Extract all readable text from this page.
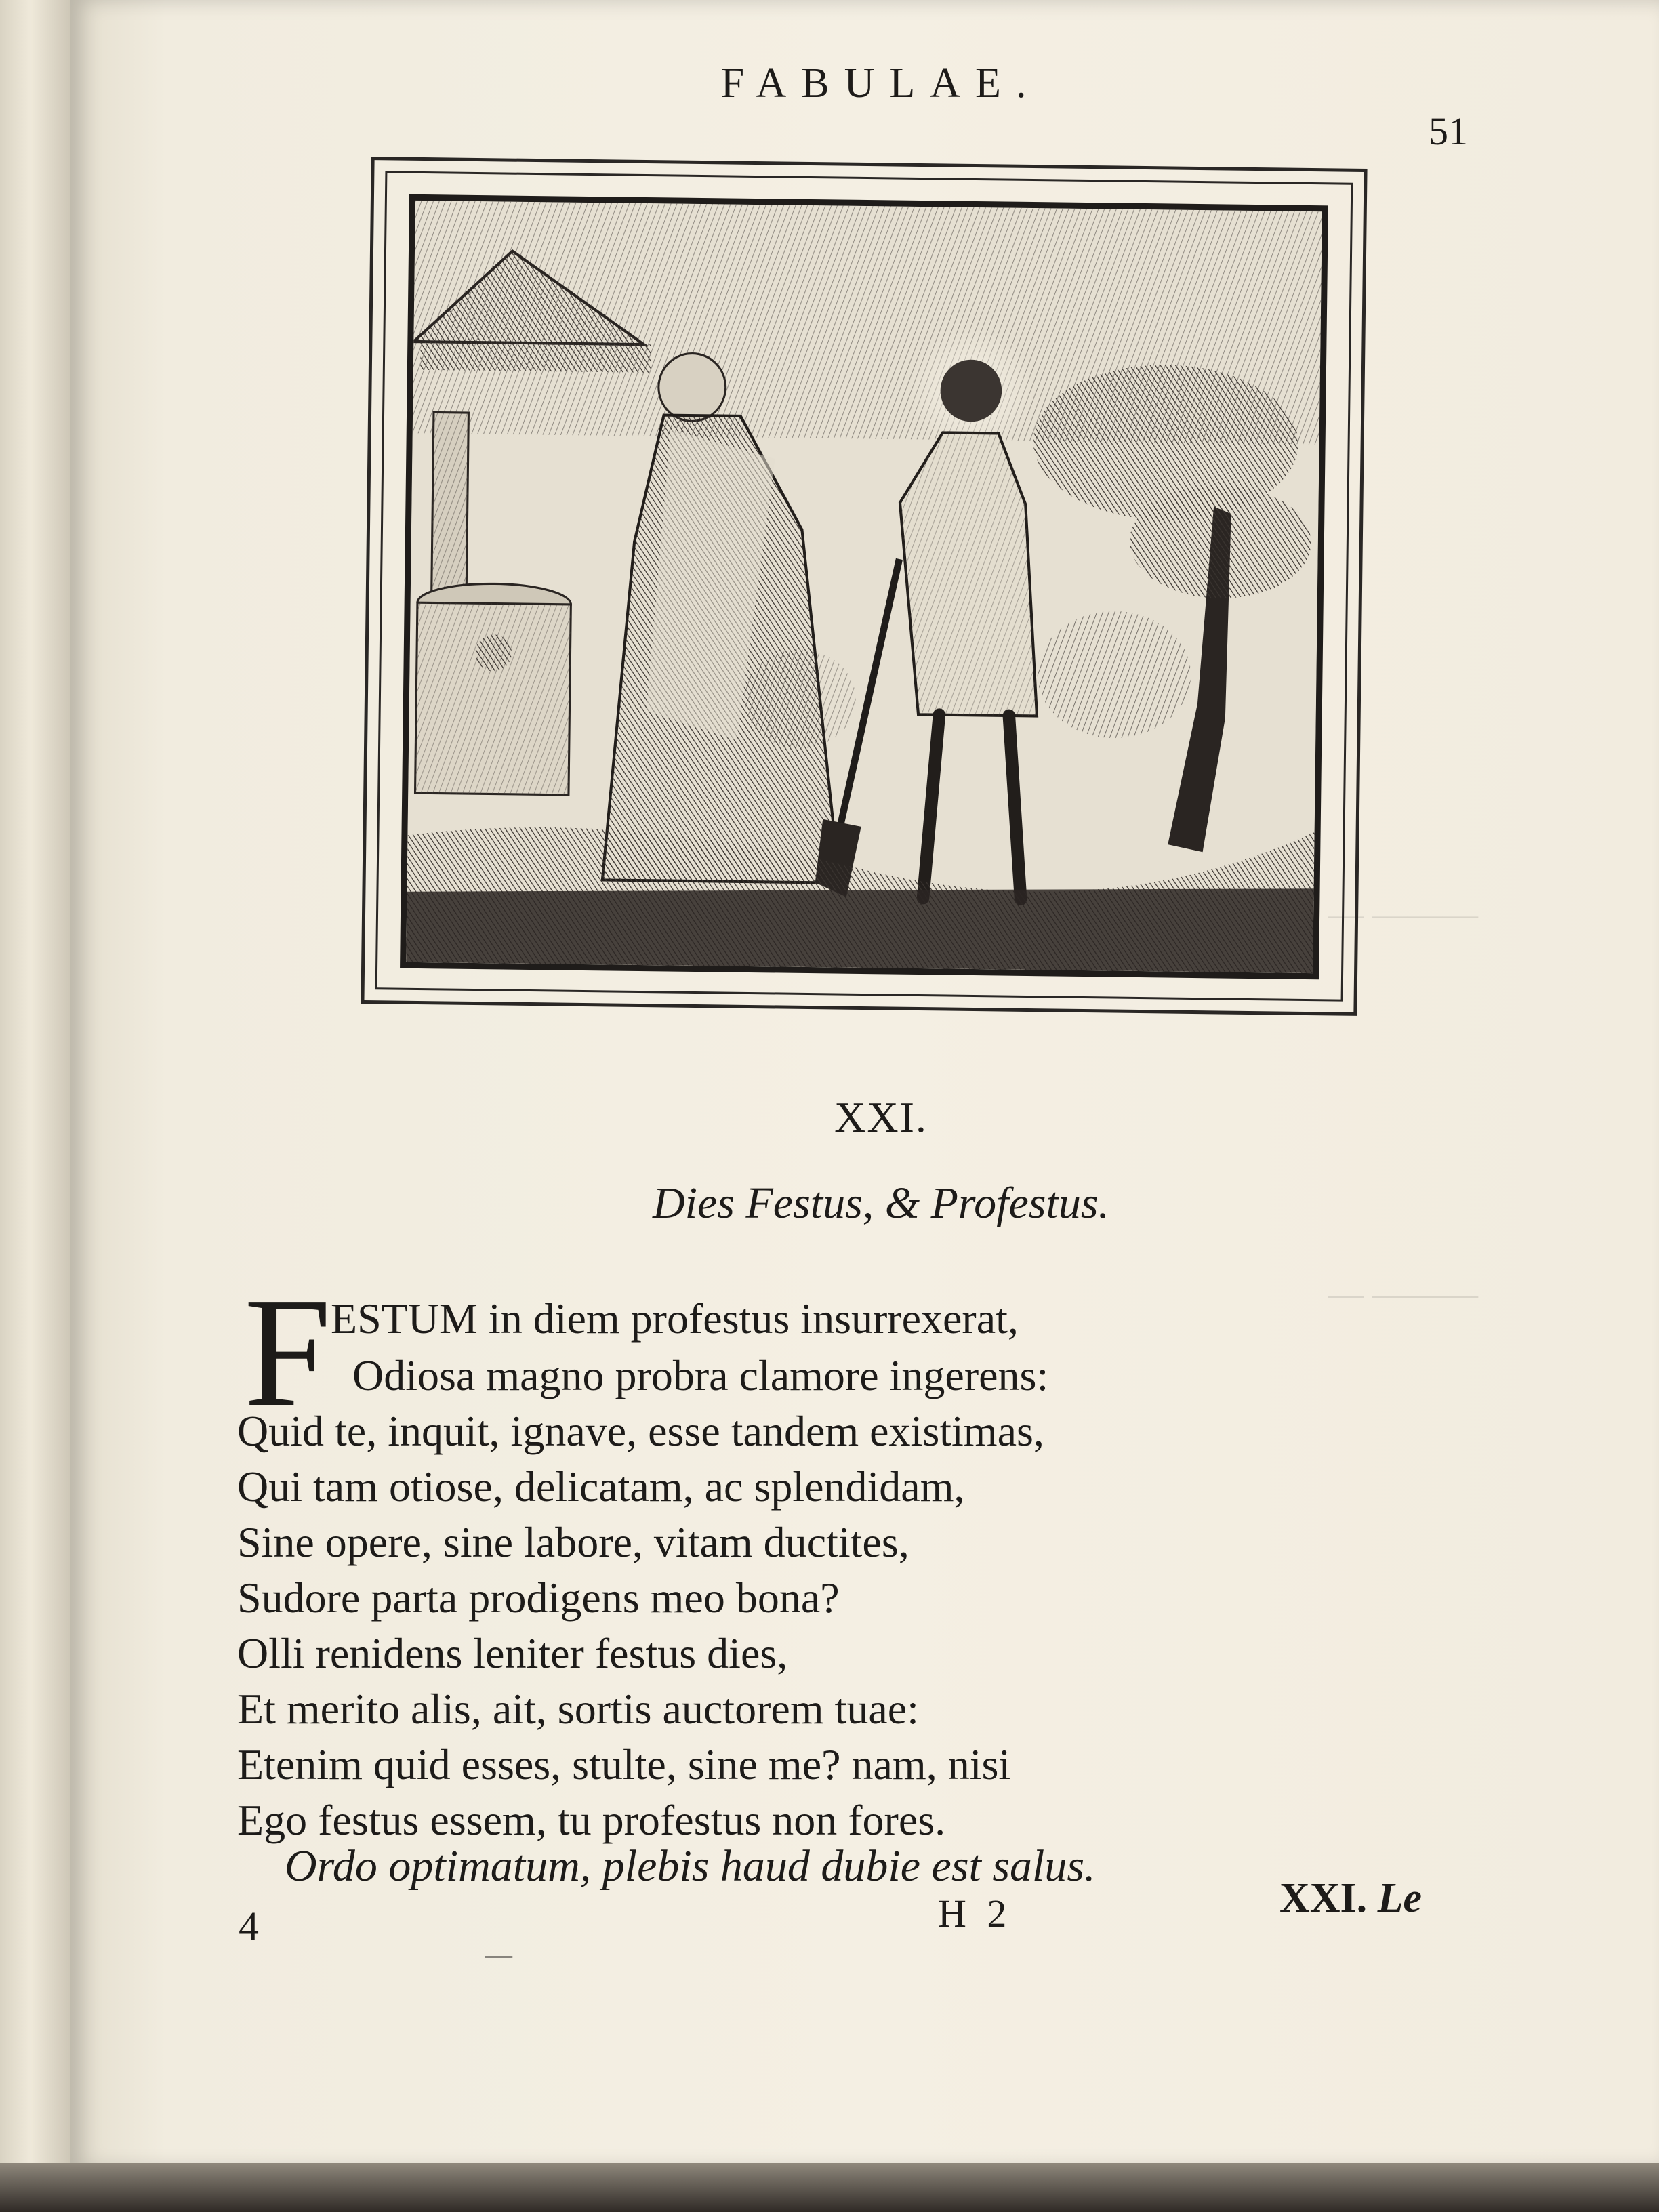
― ―――
― ―――
FABULAE.
51
XXI.
Dies Festus, & Profestus.
F
ESTUM in diem profestus insurrexerat,
Odiosa magno probra clamore ingerens:
Quid te, inquit, ignave, esse tandem existimas,
Qui tam otiose, delicatam, ac splendidam,
Sine opere, sine labore, vitam ductites,
Sudore parta prodigens meo bona?
Olli renidens leniter festus dies,
Et merito alis, ait, sortis auctorem tuae:
Etenim quid esses, stulte, sine me? nam, nisi
Ego festus essem, tu profestus non fores.
Ordo optimatum, plebis haud dubie est salus.
4
—
H 2	XXI. Le
